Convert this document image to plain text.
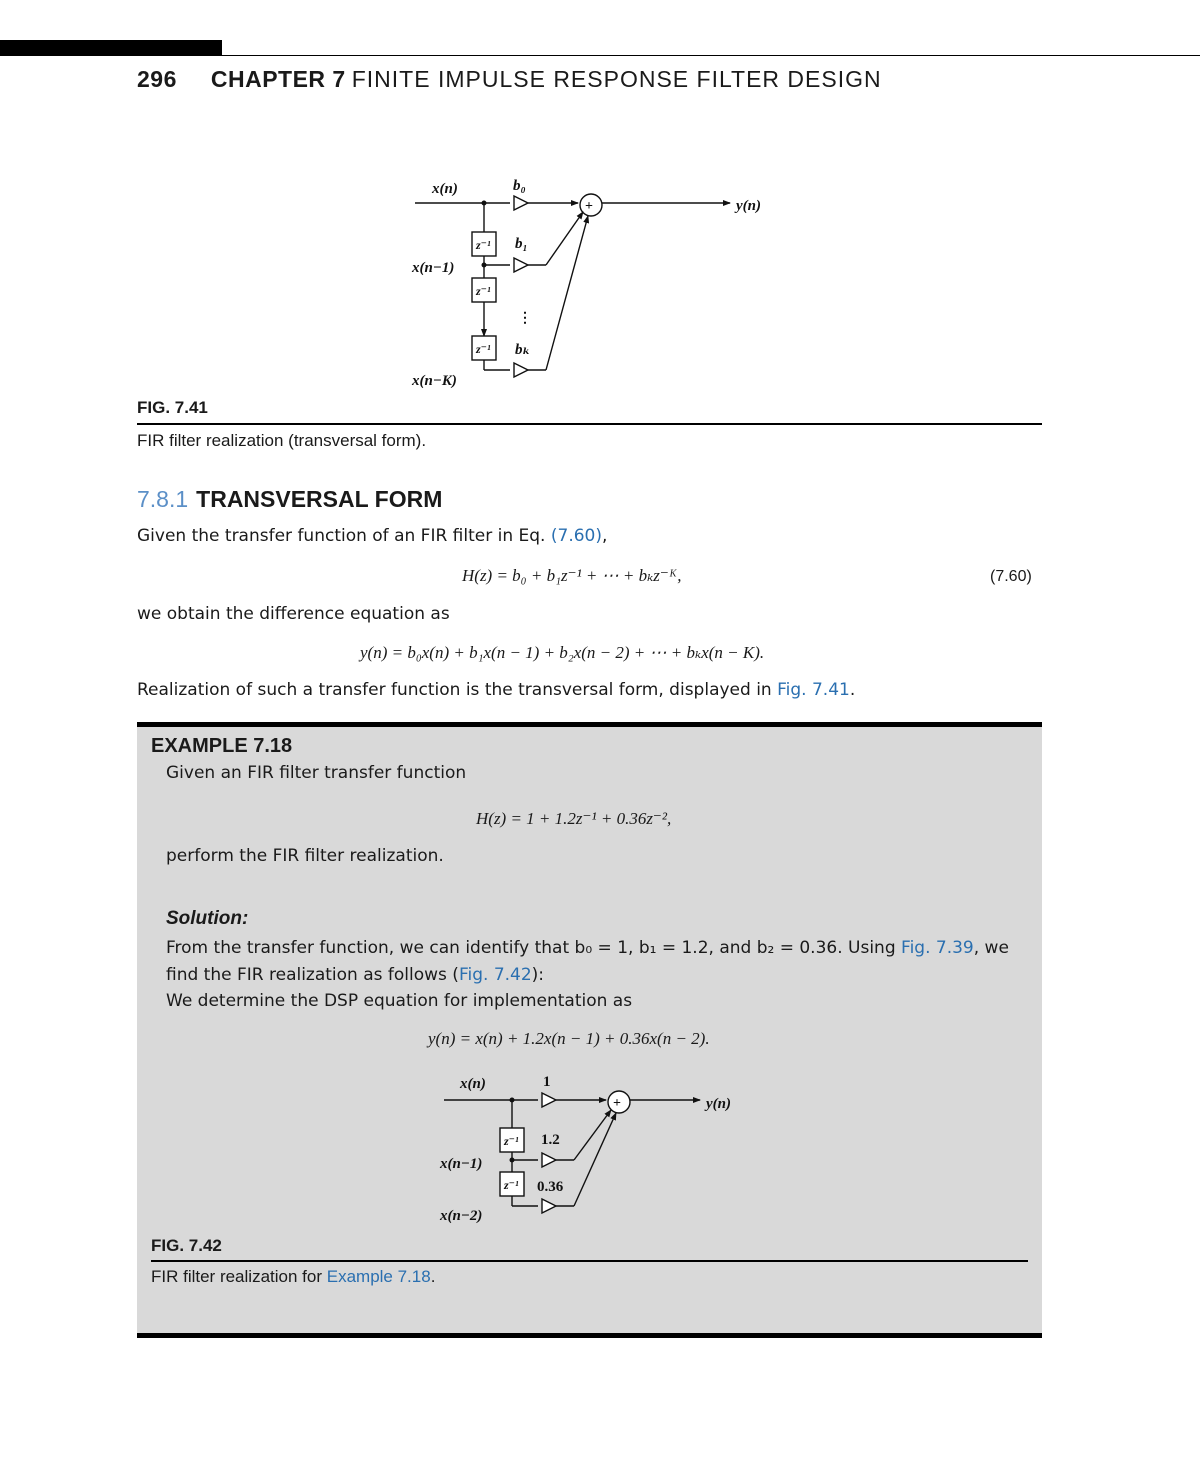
296 CHAPTER 7 FINITE IMPULSE RESPONSE FILTER DESIGN
x(n)
y(n)
+
b₀
b₁
bₖ
⋮
z⁻¹
z⁻¹
z⁻¹
x(n−1)
x(n−K)
FIG. 7.41
FIR filter realization (transversal form).
7.8.1 TRANSVERSAL FORM
Given the transfer function of an FIR filter in Eq. (7.60),
H(z) = b₀ + b₁z⁻¹ + ⋯ + bₖz⁻ᴷ,	(7.60)
we obtain the difference equation as
y(n) = b₀x(n) + b₁x(n − 1) + b₂x(n − 2) + ⋯ + bₖx(n − K).
Realization of such a transfer function is the transversal form, displayed in Fig. 7.41.
EXAMPLE 7.18
Given an FIR filter transfer function
H(z) = 1 + 1.2z⁻¹ + 0.36z⁻²,
perform the FIR filter realization.
Solution:
From the transfer function, we can identify that b₀ = 1, b₁ = 1.2, and b₂ = 0.36. Using Fig. 7.39, we
find the FIR realization as follows (Fig. 7.42):
We determine the DSP equation for implementation as
y(n) = x(n) + 1.2x(n − 1) + 0.36x(n − 2).
x(n)
y(n)
+
1
1.2
0.36
z⁻¹
z⁻¹
x(n−1)
x(n−2)
FIG. 7.42
FIR filter realization for Example 7.18.
